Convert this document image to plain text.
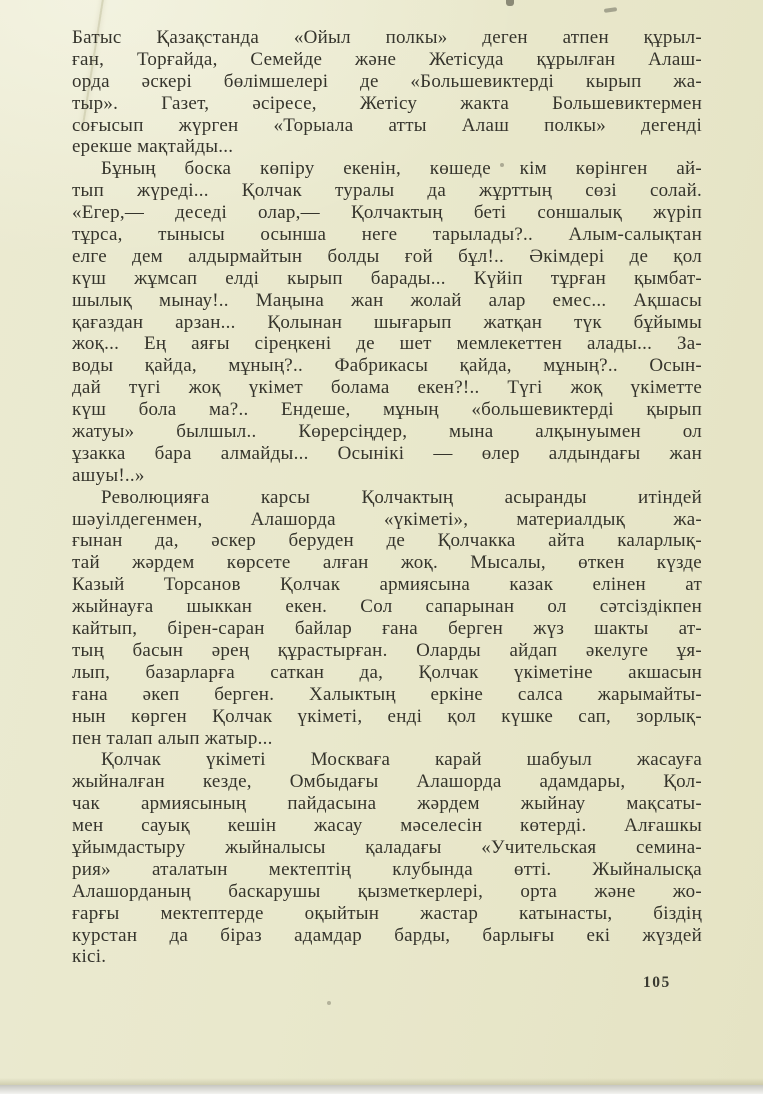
Батыс Қазақстанда «Ойыл полкы» деген атпен құрыл-
ған, Торғайда, Семейде және Жетісуда құрылған Алаш-
орда әскері бөлімшелері де «Большевиктерді кырып жа-
тыр». Газет, әсіресе, Жетісу жакта Большевиктермен
соғысып жүрген «Торыала атты Алаш полкы» дегенді
ерекше мақтайды...
Бұның боска көпіру екенін, көшеде кім көрінген ай-
тып жүреді... Қолчак туралы да жұрттың сөзі солай.
«Егер,— деседі олар,— Қолчактың беті соншалық жүріп
тұрса, тынысы осынша неге тарылады?.. Алым-салықтан
елге дем алдырмайтын болды ғой бұл!.. Әкімдері де қол
күш жұмсап елді кырып барады... Күйіп тұрған қымбат-
шылық мынау!.. Маңына жан жолай алар емес... Ақшасы
қағаздан арзан... Қолынан шығарып жатқан түк бұйымы
жоқ... Ең аяғы сіреңкені де шет мемлекеттен алады... За-
воды қайда, мұның?.. Фабрикасы қайда, мұның?.. Осын-
дай түгі жоқ үкімет болама екен?!.. Түгі жоқ үкіметте
күш бола ма?.. Ендеше, мұның «большевиктерді қырып
жатуы» былшыл.. Көрерсіңдер, мына алқынуымен ол
ұзакка бара алмайды... Осынікі — өлер алдындағы жан
ашуы!..»
Революцияға карсы Қолчактың асыранды итіндей
шәуілдегенмен, Алашорда «үкіметі», материалдық жа-
ғынан да, әскер беруден де Қолчакка айта каларлық-
тай жәрдем көрсете алған жоқ. Мысалы, өткен күзде
Казый Торсанов Қолчак армиясына казак елінен ат
жыйнауға шыккан екен. Сол сапарынан ол сәтсіздікпен
кайтып, бірен-саран байлар ғана берген жүз шакты ат-
тың басын әрең құрастырған. Оларды айдап әкелуге ұя-
лып, базарларға саткан да, Қолчак үкіметіне акшасын
ғана әкеп берген. Халыктың еркіне салса жарымайты-
нын көрген Қолчак үкіметі, енді қол күшке сап, зорлық-
пен талап алып жатыр...
Қолчак үкіметі Москваға карай шабуыл жасауға
жыйналған кезде, Омбыдағы Алашорда адамдары, Қол-
чак армиясының пайдасына жәрдем жыйнау мақсаты-
мен сауық кешін жасау мәселесін көтерді. Алғашкы
ұйымдастыру жыйналысы қаладағы «Учительская семина-
рия» аталатын мектептің клубында өтті. Жыйналысқа
Алашорданың баскарушы қызметкерлері, орта және жо-
ғарғы мектептерде оқыйтын жастар катынасты, біздің
курстан да біраз адамдар барды, барлығы екі жүздей
кісі.
105
